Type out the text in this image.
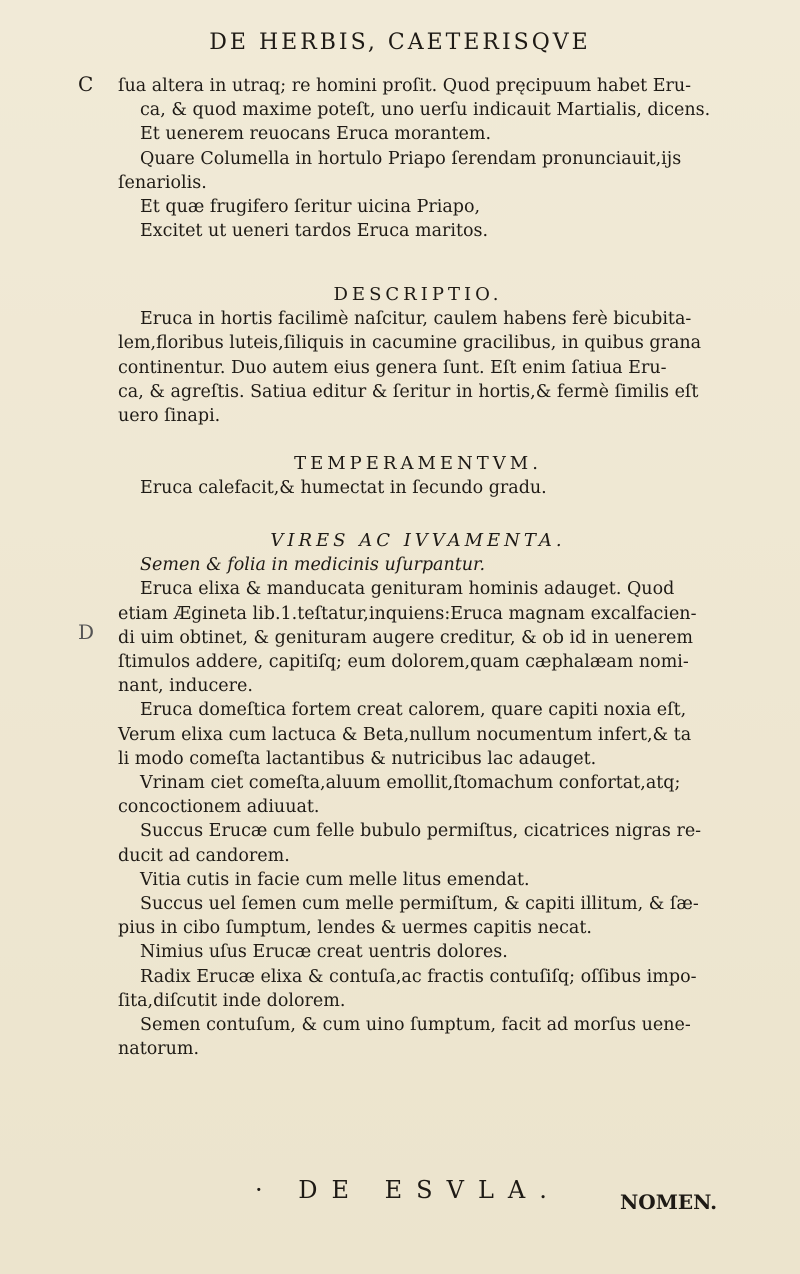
DE HERBIS, CAETERISQVE
C
D
ſua altera in utraq; re homini proſit. Quod pręcipuum habet Eru-
ca, & quod maxime poteſt, uno uerſu indicauit Martialis, dicens.
Et uenerem reuocans Eruca morantem.
Quare Columella in hortulo Priapo ſerendam pronunciauit,iјs
ſenariolis.
Et quæ frugifero ſeritur uicina Priapo,
Excitet ut ueneri tardos Eruca maritos.
DESCRIPTIO.
Eruca in hortis facilimè naſcitur, caulem habens ferè bicubita-
lem,floribus luteis,ſiliquis in cacumine gracilibus, in quibus grana
continentur. Duo autem eius genera ſunt. Eſt enim ſatiua Eru-
ca, & agreſtis. Satiua editur & ſeritur in hortis,& fermè ſimilis eſt
uero ſinapi.
TEMPERAMENTVM.
Eruca calefacit,& humectat in ſecundo gradu.
VIRES AC IVVAMENTA.
Semen & folia in medicinis uſurpantur.
Eruca elixa & manducata genituram hominis adauget. Quod
etiam Ægineta lib.1.teſtatur,inquiens:Eruca magnam excalfacien-
di uim obtinet, & genituram augere creditur, & ob id in uenerem
ſtimulos addere, capitiſq; eum dolorem,quam cæphalæam nomi-
nant, inducere.
Eruca domeſtica fortem creat calorem, quare capiti noxia eſt,
Verum elixa cum lactuca & Beta,nullum nocumentum infert,& ta
li modo comeſta lactantibus & nutricibus lac adauget.
Vrinam ciet comeſta,aluum emollit,ſtomachum confortat,atq;
concoctionem adiuuat.
Succus Erucæ cum felle bubulo permiſtus, cicatrices nigras re-
ducit ad candorem.
Vitia cutis in facie cum melle litus emendat.
Succus uel ſemen cum melle permiſtum, & capiti illitum, & ſæ-
pius in cibo ſumptum, lendes & uermes capitis necat.
Nimius uſus Erucæ creat uentris dolores.
Radix Erucæ elixa & contuſa,ac fractis contuſiſq; oſſibus impo-
ſita,diſcutit inde dolorem.
Semen contuſum, & cum uino ſumptum, facit ad morſus uene-
natorum.
· DE ESVLA.	NOMEN.
